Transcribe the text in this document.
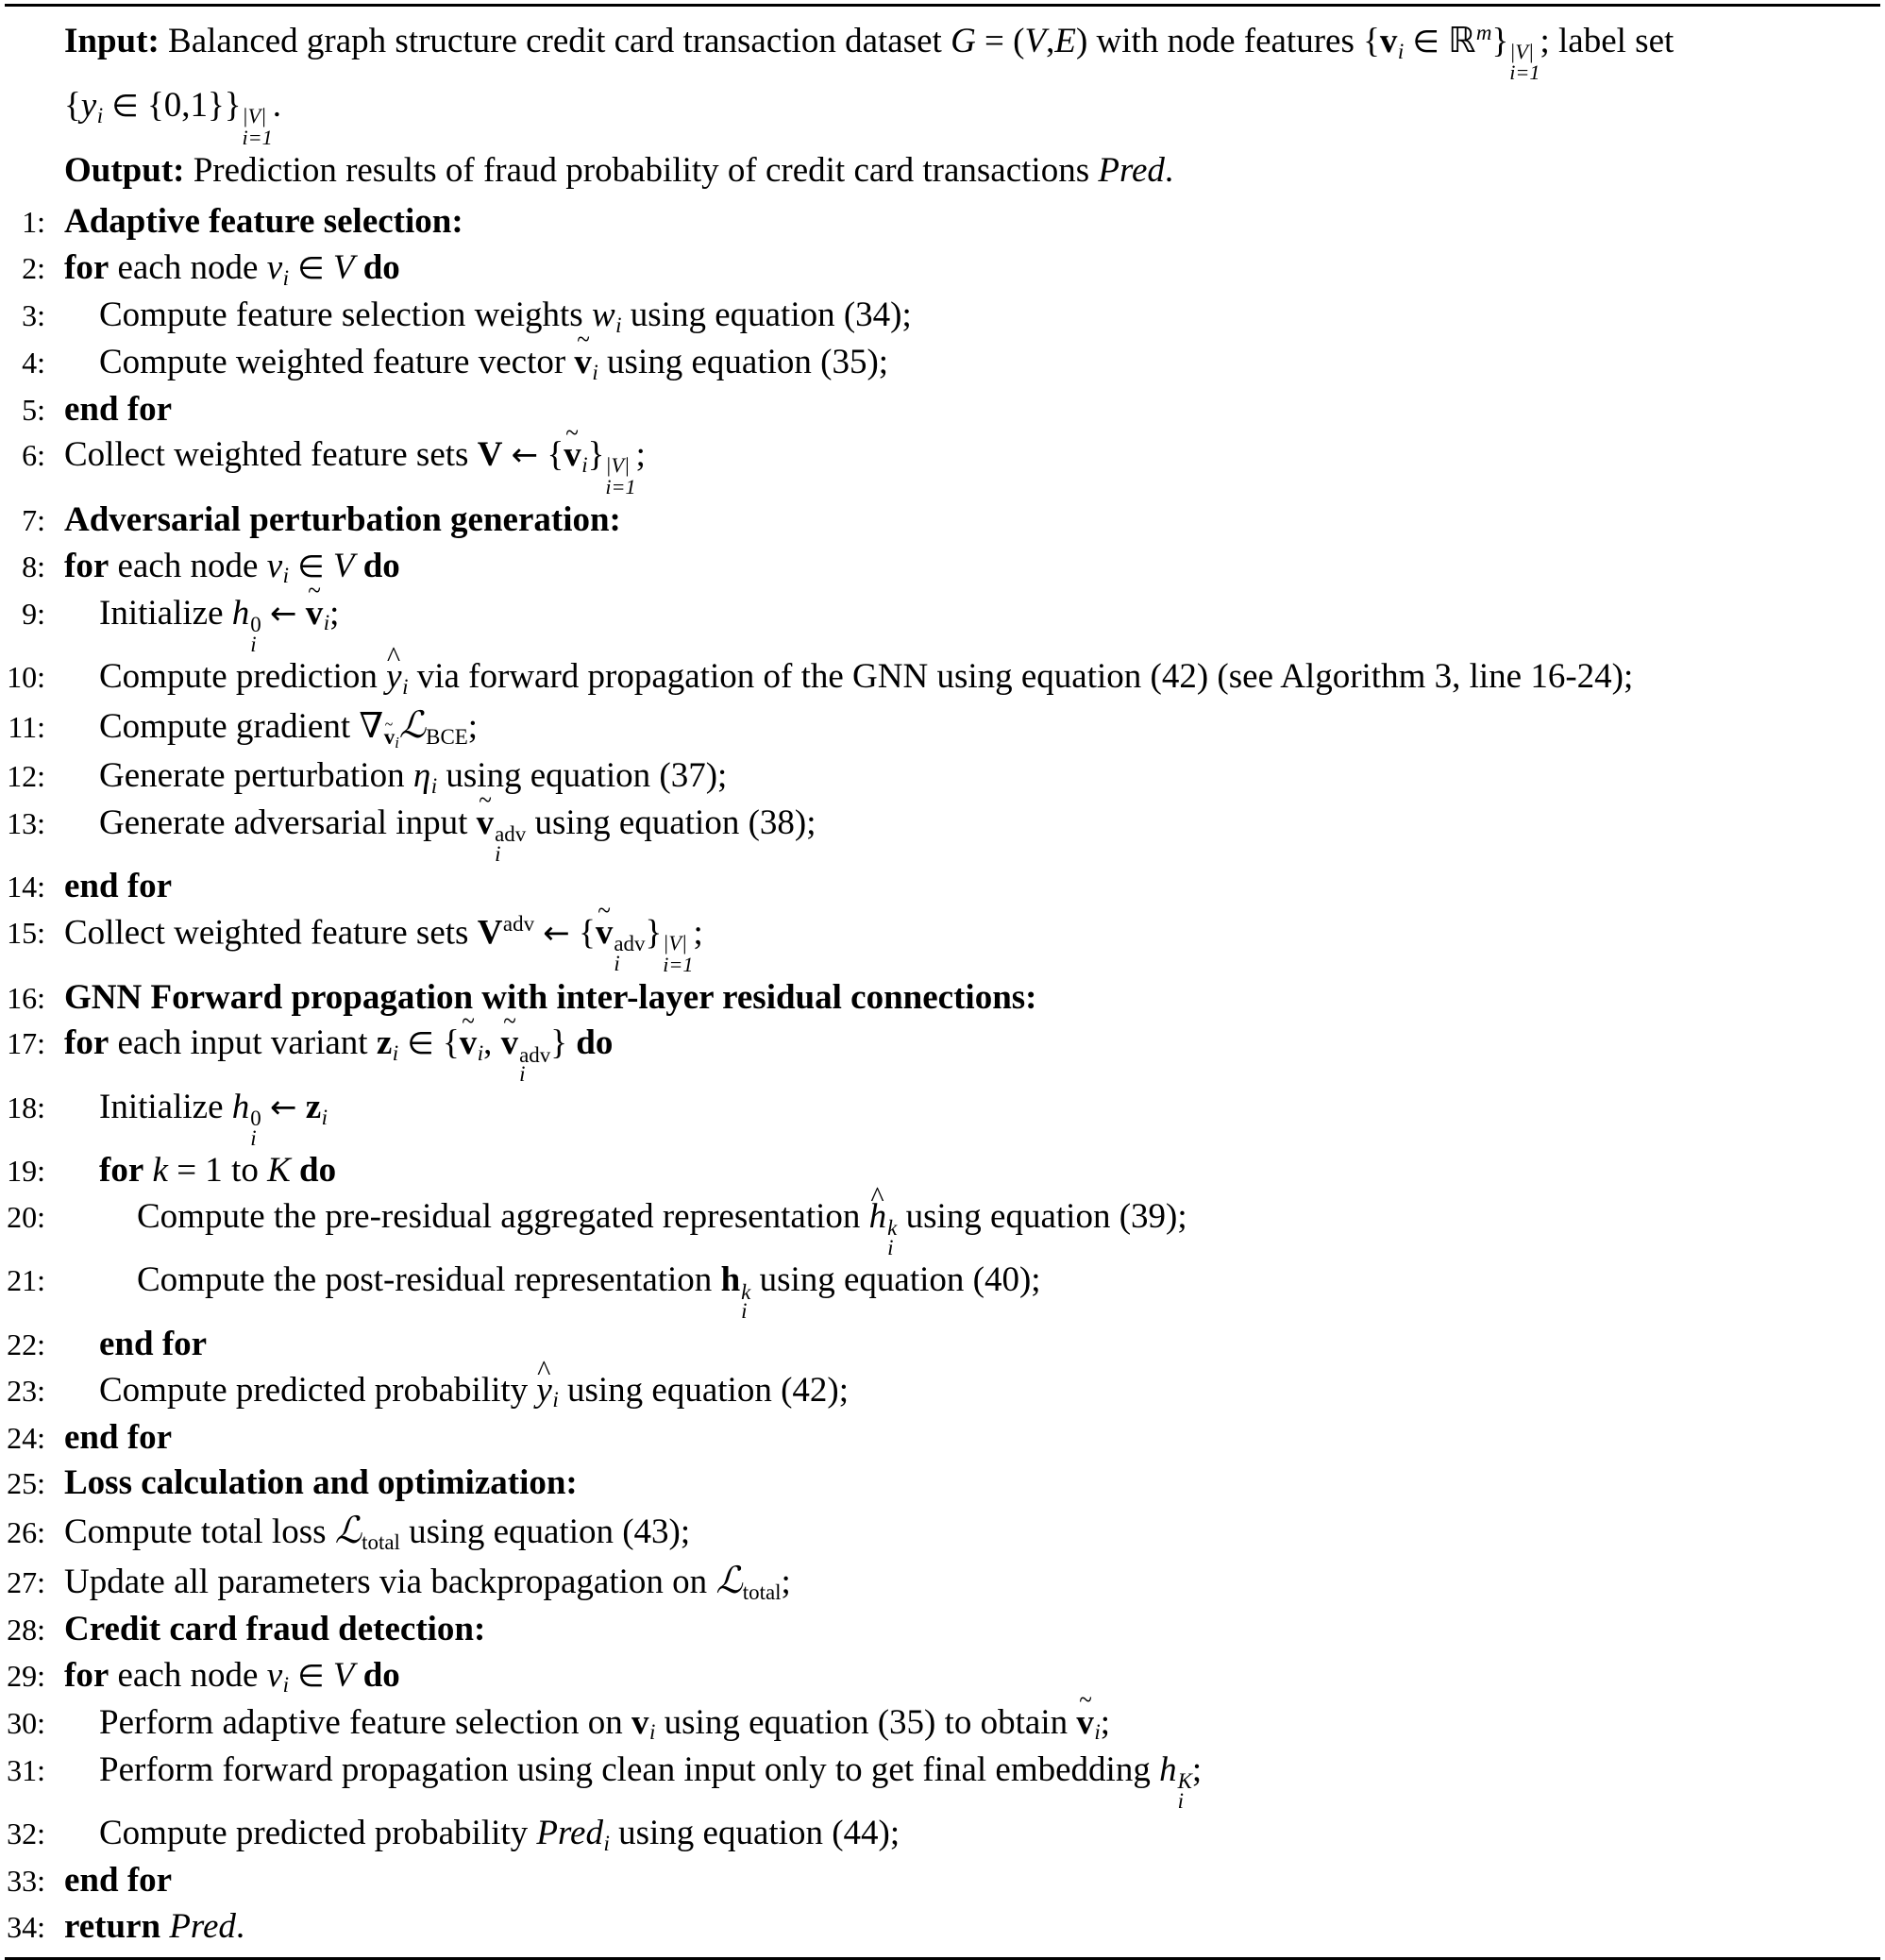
Input: Balanced graph structure credit card transaction dataset G = (V,E) with node features {$v_i$ ∈ ℝ$^m$} |V|
i=1
; label set
{$y_i$ ∈ {0,1}} |V|
i=1
.
Output: Prediction results of fraud probability of credit card transactions Pred.
1: Adaptive feature selection:
2: for each node $v_i$ ∈ V do
3:	Compute feature selection weights $w_i$ using equation (34);
4:	Compute weighted feature vector ~ $v_i$ using equation (35);
5: end for
6: Collect weighted feature sets V ← {~ $v_i$} |V|
i=1
;
7: Adversarial perturbation generation:
8: for each node $v_i$ ∈ V do
9:	Initialize h 0
i
← ~ $v_i$;
10:	Compute prediction ^ $y_i$ via forward propagation of the GNN using equation (42) (see Algorithm 3, line 16-24);
11:	Compute gradient ∇~ $_{vi}$ℒBCE;
12:	Generate perturbation $\eta_i$ using equation (37);
13:	Generate adversarial input ~ v adv
i
using equation (38);
14: end for
15: Collect weighted feature sets $V^{adv}$ ← {~ v adv
i
} |V|
i=1
;
16: GNN Forward propagation with inter-layer residual connections:
17: for each input variant $z_i$ ∈ {~ $v_i$, ~ v adv
i
} do
18:	Initialize h 0
i
← $z_i$
19:	for k = 1 to K do
20:	Compute the pre-residual aggregated representation ^ h k
i
using equation (39);
21:	Compute the post-residual representation h k
i
using equation (40);
22:	end for
23:	Compute predicted probability ^ $y_i$ using equation (42);
24: end for
25: Loss calculation and optimization:
26: Compute total loss ℒtotal using equation (43);
27: Update all parameters via backpropagation on ℒtotal;
28: Credit card fraud detection:
29: for each node $v_i$ ∈ V do
30:	Perform adaptive feature selection on $v_i$ using equation (35) to obtain ~ $v_i$;
31:	Perform forward propagation using clean input only to get final embedding h K
i
;
32:	Compute predicted probability Pred$_i$ using equation (44);
33: end for
34: return Pred.
